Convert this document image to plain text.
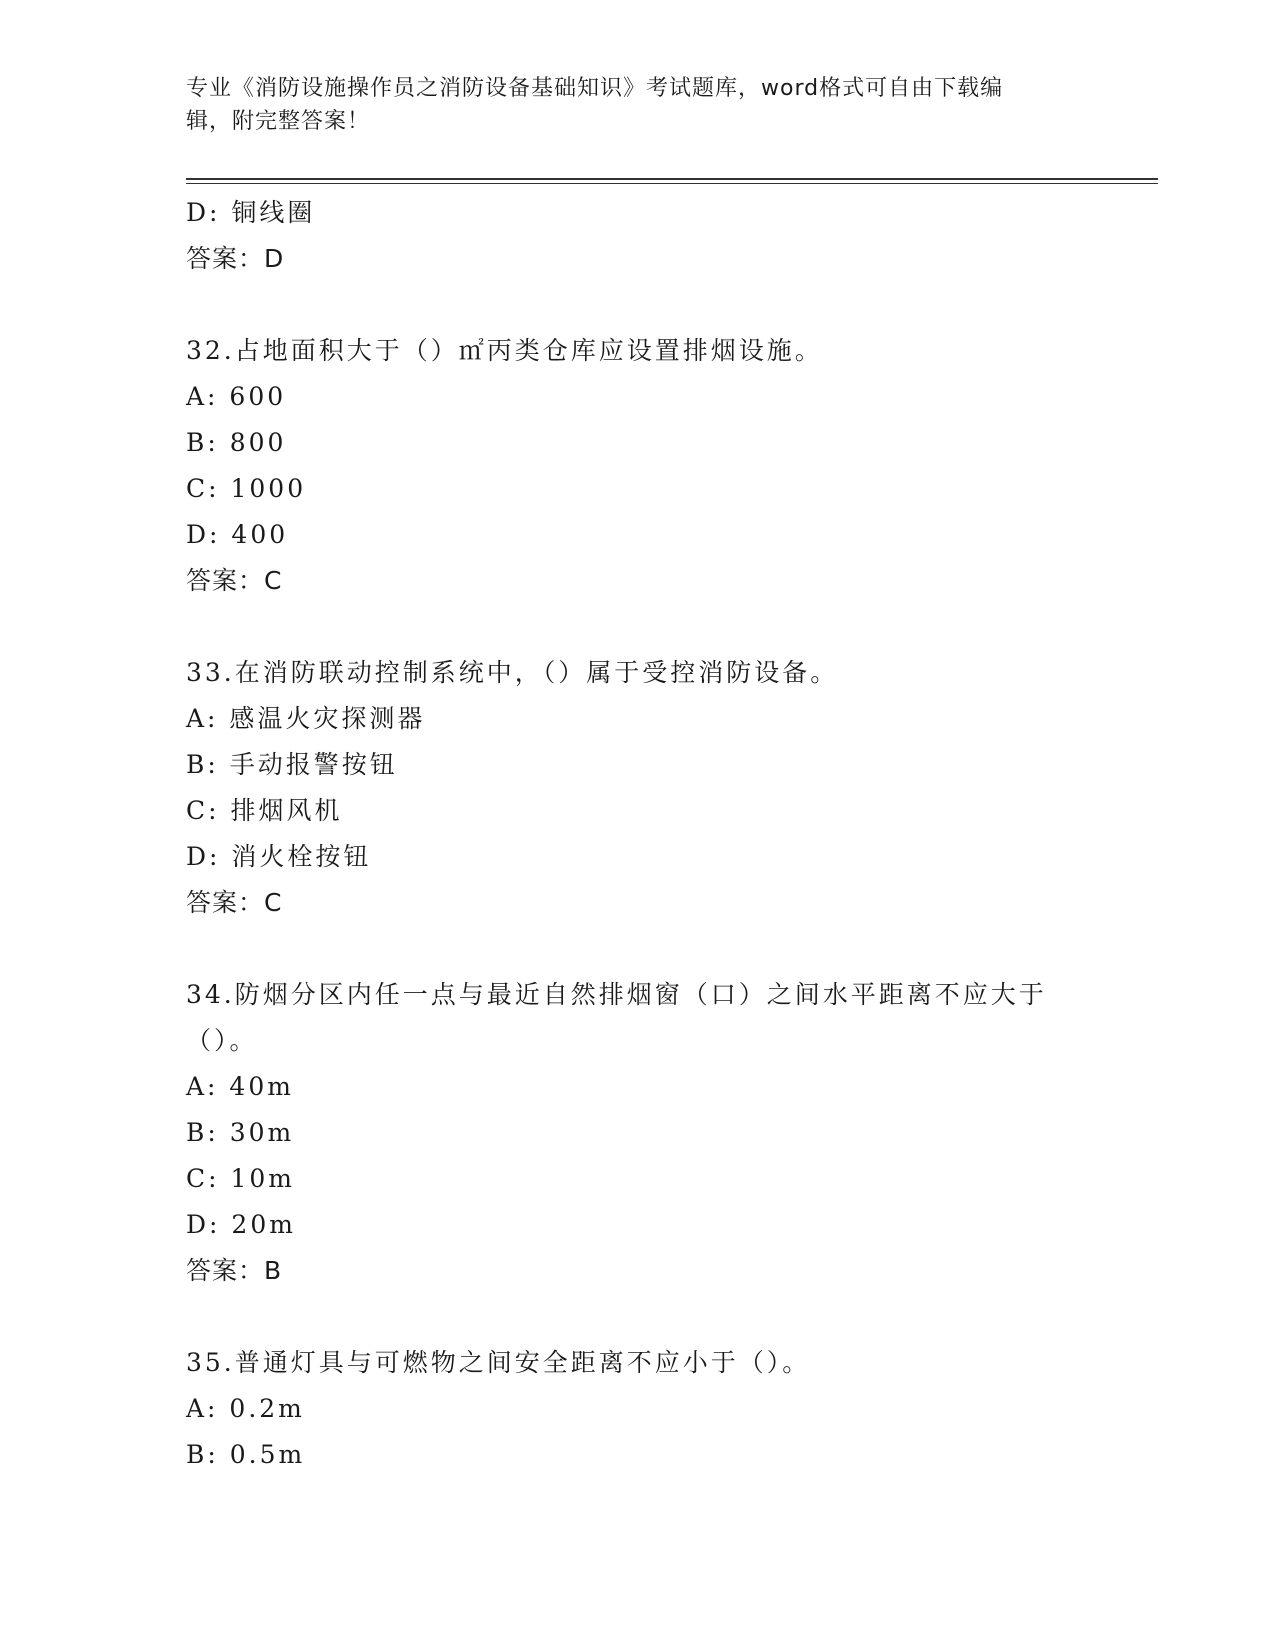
专业《消防设施操作员之消防设备基础知识》考试题库，word格式可自由下载编
辑，附完整答案！
D: 铜线圈
答案：D
32.占地面积大于（）㎡丙类仓库应设置排烟设施。
A: 600
B: 800
C: 1000
D: 400
答案：C
33.在消防联动控制系统中，（）属于受控消防设备。
A: 感温火灾探测器
B: 手动报警按钮
C: 排烟风机
D: 消火栓按钮
答案：C
34.防烟分区内任一点与最近自然排烟窗（口）之间水平距离不应大于
（）。
A: 40m
B: 30m
C: 10m
D: 20m
答案：B
35.普通灯具与可燃物之间安全距离不应小于（）。
A: 0.2m
B: 0.5m
